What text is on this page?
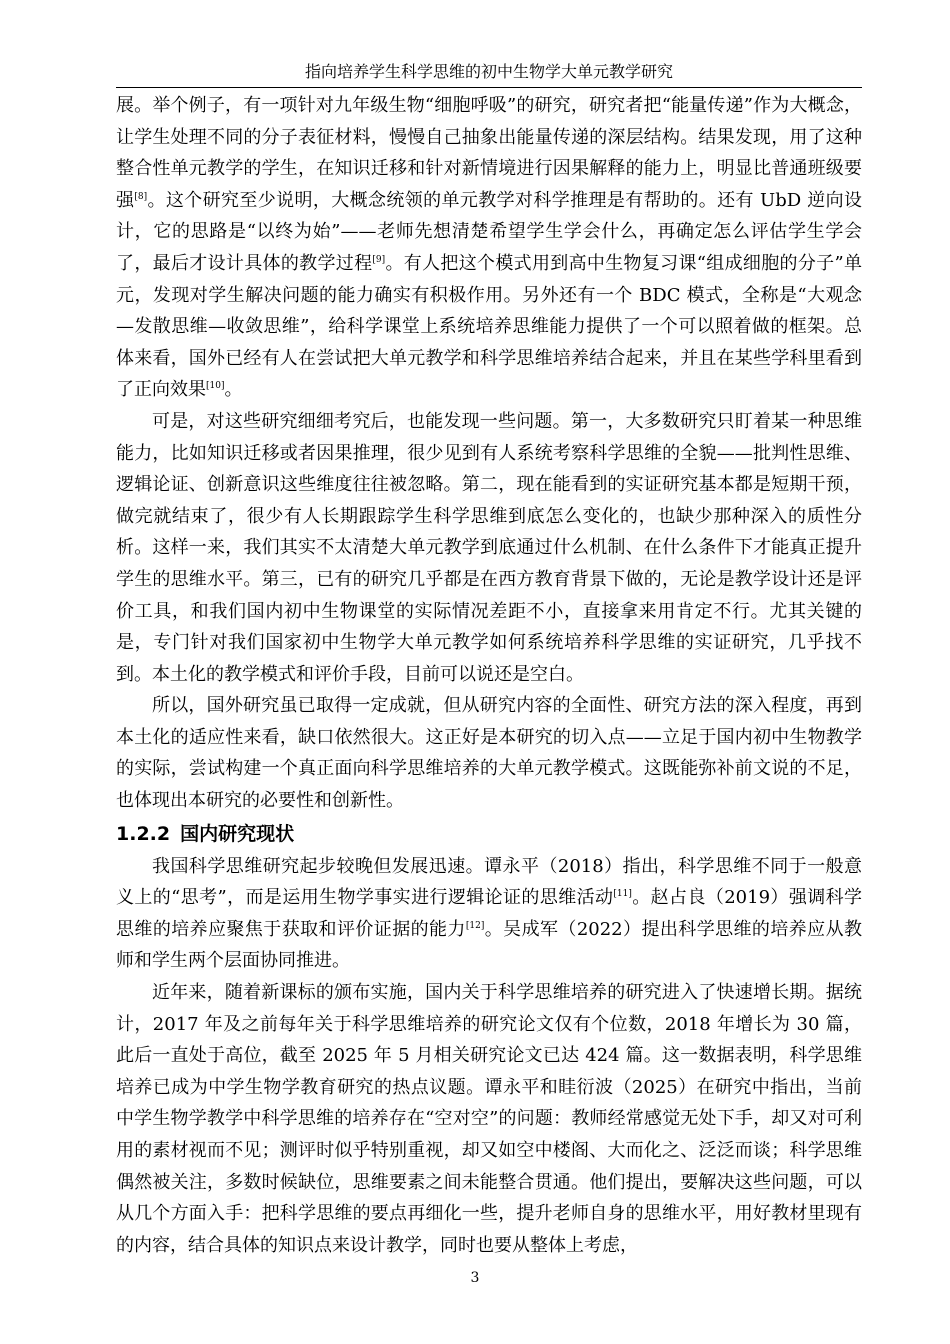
指向培养学生科学思维的初中生物学大单元教学研究

展。举个例子，有一项针对九年级生物“细胞呼吸”的研究，研究者把“能量传递”作为大概念，让学生处理不同的分子表征材料，慢慢自己抽象出能量传递的深层结构。结果发现，用了这种整合性单元教学的学生，在知识迁移和针对新情境进行因果解释的能力上，明显比普通班级要强[8]。这个研究至少说明，大概念统领的单元教学对科学推理是有帮助的。还有 UbD 逆向设计，它的思路是“以终为始”——老师先想清楚希望学生学会什么，再确定怎么评估学生学会了，最后才设计具体的教学过程[9]。有人把这个模式用到高中生物复习课“组成细胞的分子”单元，发现对学生解决问题的能力确实有积极作用。另外还有一个 BDC 模式，全称是“大观念—发散思维—收敛思维”，给科学课堂上系统培养思维能力提供了一个可以照着做的框架。总体来看，国外已经有人在尝试把大单元教学和科学思维培养结合起来，并且在某些学科里看到了正向效果[10]。

可是，对这些研究细细考究后，也能发现一些问题。第一，大多数研究只盯着某一种思维能力，比如知识迁移或者因果推理，很少见到有人系统考察科学思维的全貌——批判性思维、逻辑论证、创新意识这些维度往往被忽略。第二，现在能看到的实证研究基本都是短期干预，做完就结束了，很少有人长期跟踪学生科学思维到底怎么变化的，也缺少那种深入的质性分析。这样一来，我们其实不太清楚大单元教学到底通过什么机制、在什么条件下才能真正提升学生的思维水平。第三，已有的研究几乎都是在西方教育背景下做的，无论是教学设计还是评价工具，和我们国内初中生物课堂的实际情况差距不小，直接拿来用肯定不行。尤其关键的是，专门针对我们国家初中生物学大单元教学如何系统培养科学思维的实证研究，几乎找不到。本土化的教学模式和评价手段，目前可以说还是空白。

所以，国外研究虽已取得一定成就，但从研究内容的全面性、研究方法的深入程度，再到本土化的适应性来看，缺口依然很大。这正好是本研究的切入点——立足于国内初中生物教学的实际，尝试构建一个真正面向科学思维培养的大单元教学模式。这既能弥补前文说的不足，也体现出本研究的必要性和创新性。

1.2.2 国内研究现状

我国科学思维研究起步较晚但发展迅速。谭永平（2018）指出，科学思维不同于一般意义上的“思考”，而是运用生物学事实进行逻辑论证的思维活动[11]。赵占良（2019）强调科学思维的培养应聚焦于获取和评价证据的能力[12]。吴成军（2022）提出科学思维的培养应从教师和学生两个层面协同推进。

近年来，随着新课标的颁布实施，国内关于科学思维培养的研究进入了快速增长期。据统计，2017 年及之前每年关于科学思维培养的研究论文仅有个位数，2018 年增长为 30 篇，此后一直处于高位，截至 2025 年 5 月相关研究论文已达 424 篇。这一数据表明，科学思维培养已成为中学生物学教育研究的热点议题。谭永平和眭衍波（2025）在研究中指出，当前中学生物学教学中科学思维的培养存在“空对空”的问题：教师经常感觉无处下手，却又对可利用的素材视而不见；测评时似乎特别重视，却又如空中楼阁、大而化之、泛泛而谈；科学思维偶然被关注，多数时候缺位，思维要素之间未能整合贯通。他们提出，要解决这些问题，可以从几个方面入手：把科学思维的要点再细化一些，提升老师自身的思维水平，用好教材里现有的内容，结合具体的知识点来设计教学，同时也要从整体上考虑，

3
